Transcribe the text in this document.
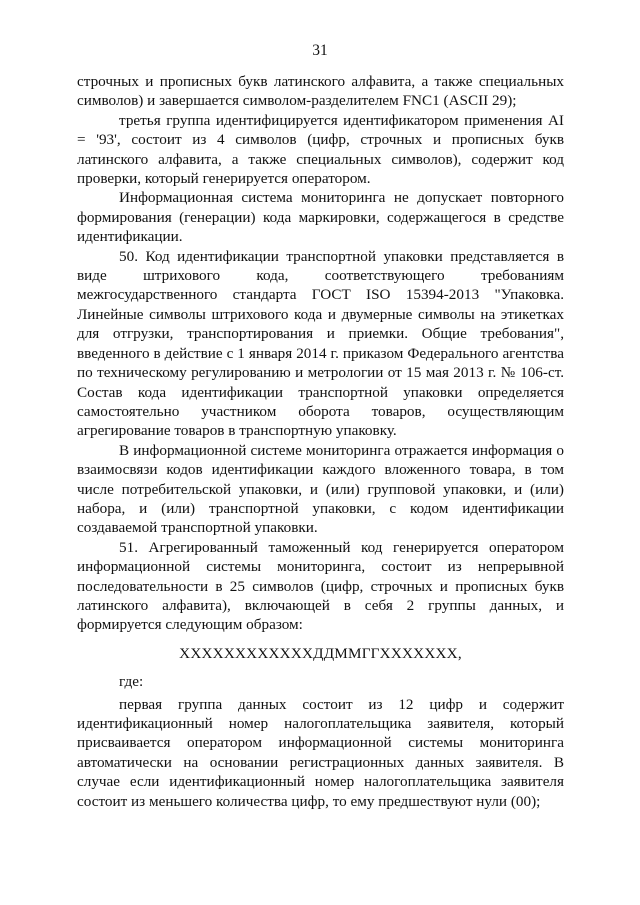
31

строчных и прописных букв латинского алфавита, а также специальных символов) и завершается символом-разделителем FNC1 (ASCII 29);

третья группа идентифицируется идентификатором применения AI = '93', состоит из 4 символов (цифр, строчных и прописных букв латинского алфавита, а также специальных символов), содержит код проверки, который генерируется оператором.

Информационная система мониторинга не допускает повторного формирования (генерации) кода маркировки, содержащегося в средстве идентификации.

50. Код идентификации транспортной упаковки представляется в виде штрихового кода, соответствующего требованиям межгосударственного стандарта ГОСТ ISO 15394-2013 "Упаковка. Линейные символы штрихового кода и двумерные символы на этикетках для отгрузки, транспортирования и приемки. Общие требования", введенного в действие с 1 января 2014 г. приказом Федерального агентства по техническому регулированию и метрологии от 15 мая 2013 г. № 106-ст. Состав кода идентификации транспортной упаковки определяется самостоятельно участником оборота товаров, осуществляющим агрегирование товаров в транспортную упаковку.

В информационной системе мониторинга отражается информация о взаимосвязи кодов идентификации каждого вложенного товара, в том числе потребительской упаковки, и (или) групповой упаковки, и (или) набора, и (или) транспортной упаковки, с кодом идентификации создаваемой транспортной упаковки.

51. Агрегированный таможенный код генерируется оператором информационной системы мониторинга, состоит из непрерывной последовательности в 25 символов (цифр, строчных и прописных букв латинского алфавита), включающей в себя 2 группы данных, и формируется следующим образом:

ХХХХХХХХХХХХДДММГГХХХХХХХ,

где:

первая группа данных состоит из 12 цифр и содержит идентификационный номер налогоплательщика заявителя, который присваивается оператором информационной системы мониторинга автоматически на основании регистрационных данных заявителя. В случае если идентификационный номер налогоплательщика заявителя состоит из меньшего количества цифр, то ему предшествуют нули (00);
